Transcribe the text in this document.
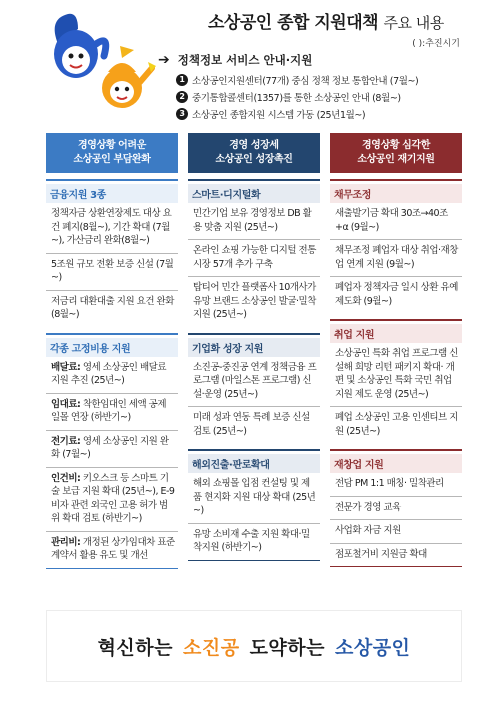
소상공인 종합 지원대책 주요 내용
( ):추진시기
➔ 정책정보 서비스 안내·지원
1 소상공인지원센터(77개) 중심 정책 정보 통합안내 (7월~)
2 중기통합콜센터(1357)를 통한 소상공인 안내 (8월~)
3 소상공인 종합지원 시스템 가동 (25년1월~)
경영상황 어려운
소상공인 부담완화
금융지원 3종
정책자금 상환연장제도 대상 요건 폐지(8월~), 기간 확대 (7월~), 가산금리 완화(8월~)
5조원 규모 전환 보증 신설 (7월~)
저금리 대환대출 지원 요건 완화(8월~)
각종 고정비용 지원
배달료: 영세 소상공인 배달료 지원 추진 (25년~)
임대료: 착한임대인 세액 공제 일몰 연장 (하반기~)
전기료: 영세 소상공인 지원 완화 (7월~)
인건비: 키오스크 등 스마트 기술 보급 지원 확대 (25년~), E-9 비자 관련 외국인 고용 허가 범위 확대 검토 (하반기~)
관리비: 개정된 상가임대차 표준계약서 활용 유도 및 개선
경영 성장세
소상공인 성장촉진
스마트·디지털화
민간기업 보유 경영정보 DB 활용 맞춤 지원 (25년~)
온라인 쇼핑 가능한 디지털 전통시장 57개 추가 구축
탑티어 민간 플랫폼사 10개사가 유망 브랜드 소상공인 발굴·밀착지원 (25년~)
기업화 성장 지원
소진공-중진공 연계 정책금융 프로그램 (마일스톤 프로그램) 신설·운영 (25년~)
미래 성과 연동 특례 보증 신설 검토 (25년~)
해외진출·판로확대
해외 쇼핑몰 입점 컨설팅 및 제품 현지화 지원 대상 확대 (25년~)
유망 소비재 수출 지원 확대·밀착지원 (하반기~)
경영상황 심각한
소상공인 재기지원
채무조정
새출발기금 확대 30조→40조+α (9월~)
채무조정 폐업자 대상 취업·재창업 연계 지원 (9월~)
폐업자 정책자금 일시 상환 유예 제도화 (9월~)
취업 지원
소상공인 특화 취업 프로그램 신설해 희망 리턴 패키지 확대· 개편 및 소상공인 특화 국민 취업 지원 제도 운영 (25년~)
폐업 소상공인 고용 인센티브 지원 (25년~)
재창업 지원
전담 PM 1:1 매칭· 밀착관리
전문가 경영 교육
사업화 자금 지원
점포철거비 지원금 확대
혁신하는 소진공 도약하는 소상공인
